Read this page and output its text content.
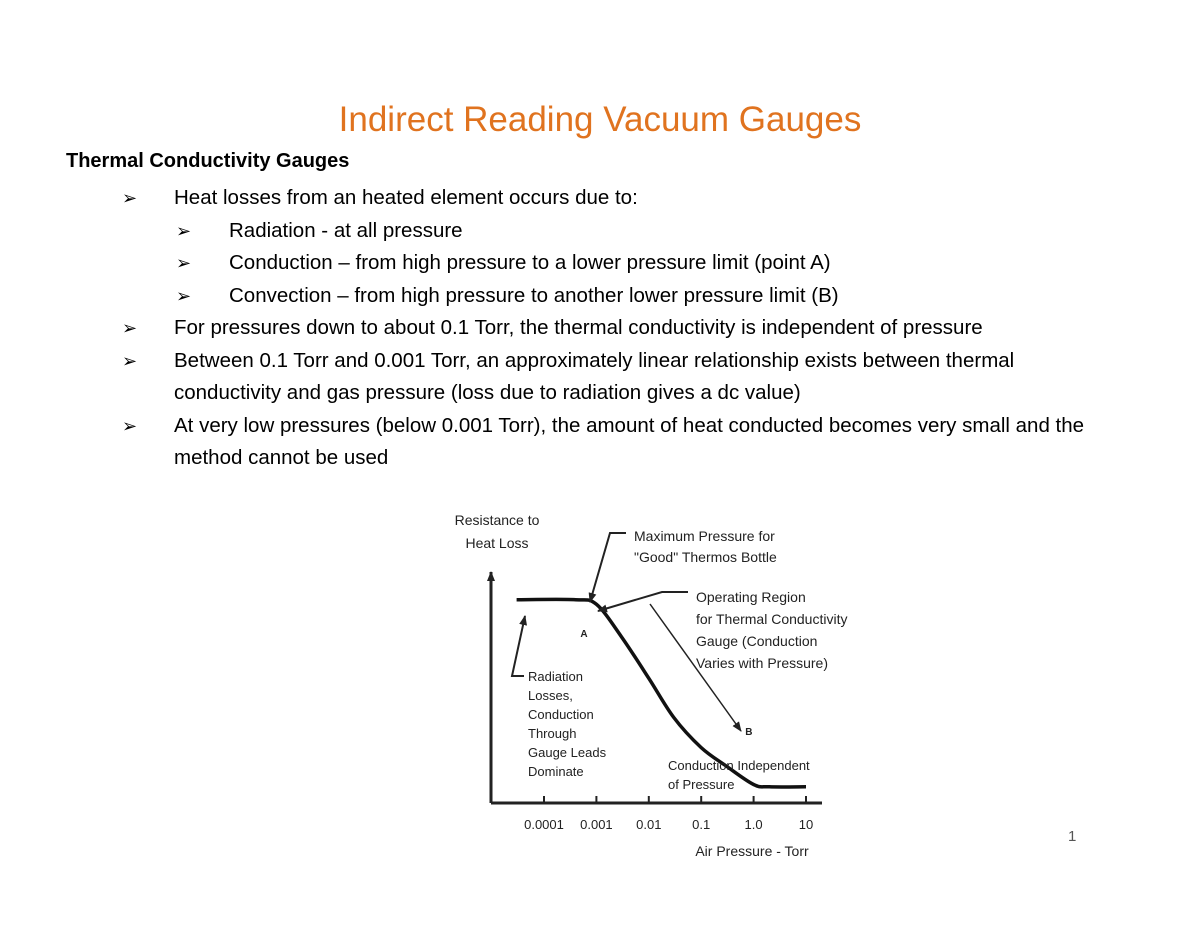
Indirect Reading Vacuum Gauges
Thermal Conductivity Gauges
➢ Heat losses from an heated element occurs due to:
➢ Radiation - at all pressure
➢ Conduction – from high pressure to a lower pressure limit (point A)
➢ Convection – from high pressure to another lower pressure limit (B)
➢ For pressures down to about 0.1 Torr, the thermal conductivity is independent of pressure
➢ Between 0.1 Torr and 0.001 Torr, an approximately linear relationship exists between thermal conductivity and gas pressure (loss due to radiation gives a dc value)
➢ At very low pressures (below 0.001 Torr), the amount of heat conducted becomes very small and the method cannot be used
Resistance to
Heat Loss
0.0001 0.001 0.01 0.1	1.0	10
Air Pressure - Torr
A
B
Maximum Pressure for
"Good" Thermos Bottle
Operating Region
for Thermal Conductivity
Gauge (Conduction
Varies with Pressure)
Radiation
Losses,
Conduction
Through
Gauge Leads
Dominate	Conduction Independent
of Pressure
1
